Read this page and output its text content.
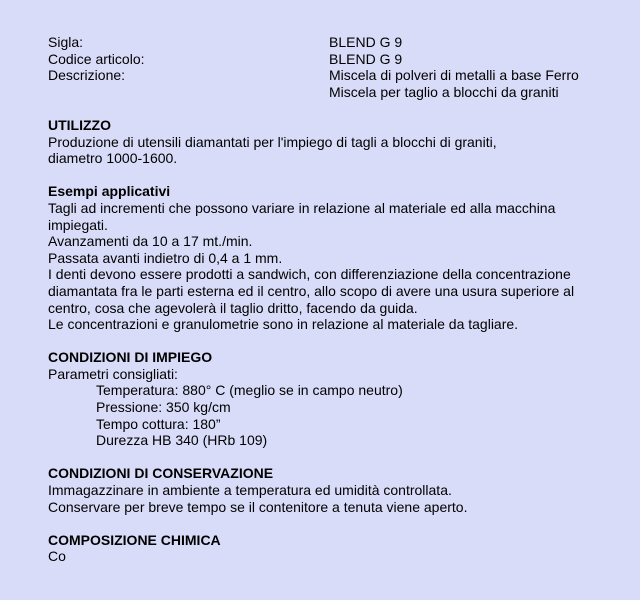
Sigla:	BLEND G 9
Codice articolo:	BLEND G 9
Descrizione:	Miscela di polveri di metalli a base Ferro
Miscela per taglio a blocchi da graniti
UTILIZZO
Produzione di utensili diamantati per l'impiego di tagli a blocchi di graniti,
diametro 1000-1600.
Esempi applicativi
Tagli ad incrementi che possono variare in relazione al materiale ed alla macchina
impiegati.
Avanzamenti da 10 a 17 mt./min.
Passata avanti indietro di 0,4 a 1 mm.
I denti devono essere prodotti a sandwich, con differenziazione della concentrazione
diamantata fra le parti esterna ed il centro, allo scopo di avere una usura superiore al
centro, cosa che agevolerà il taglio dritto, facendo da guida.
Le concentrazioni e granulometrie sono in relazione al materiale da tagliare.
CONDIZIONI DI IMPIEGO
Parametri consigliati:
Temperatura: 880° C (meglio se in campo neutro)
Pressione: 350 kg/cm
Tempo cottura: 180”
Durezza HB 340 (HRb 109)
CONDIZIONI DI CONSERVAZIONE
Immagazzinare in ambiente a temperatura ed umidità controllata.
Conservare per breve tempo se il contenitore a tenuta viene aperto.
COMPOSIZIONE CHIMICA
Co
